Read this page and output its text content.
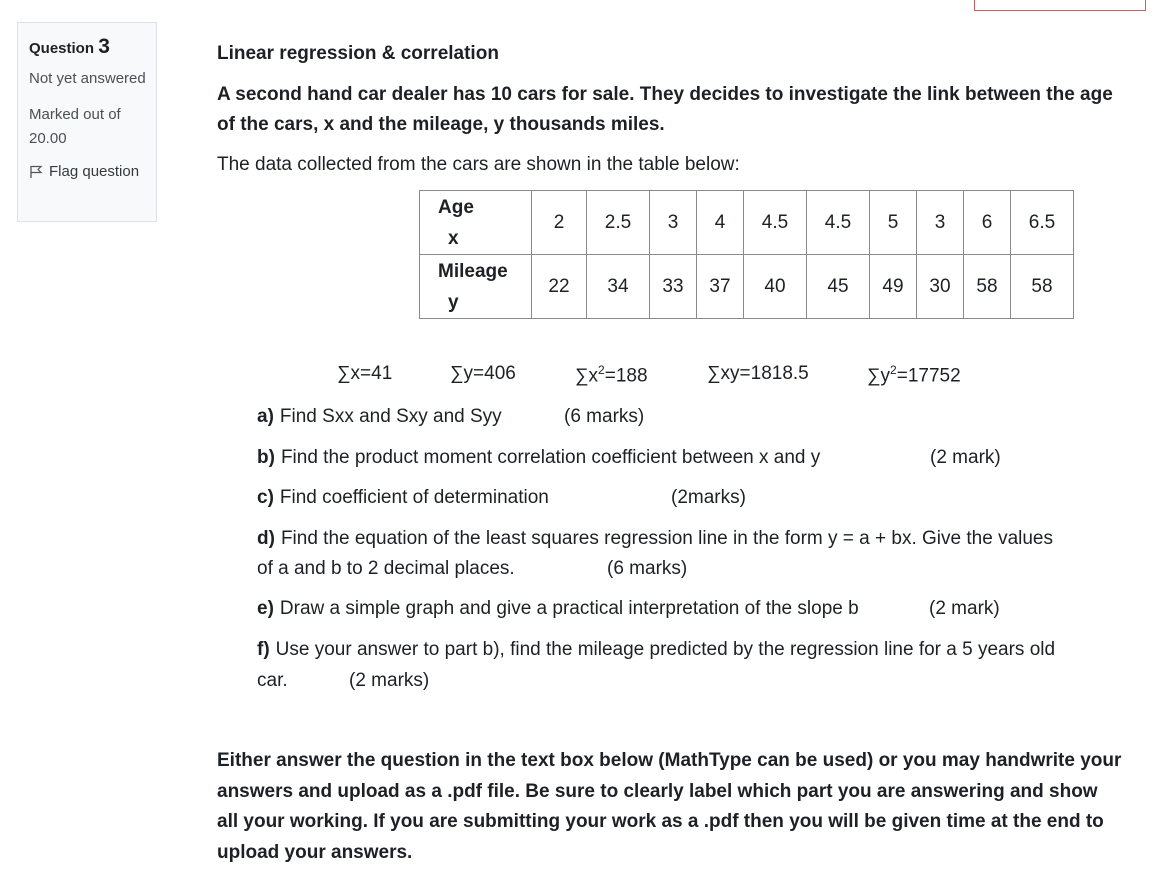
Question 3
Not yet answered
Marked out of 20.00
Flag question

Linear regression & correlation

A second hand car dealer has 10 cars for sale. They decides to investigate the link between the age of the cars, x and the mileage, y thousands miles.

The data collected from the cars are shown in the table below:

Age
x	2	2.5	3	4	4.5	4.5	5	3	6	6.5
Mileage
y	22	34	33	37	40	45	49	30	58	58
∑x=41	∑y=406	$\sum x^2=188$	∑xy=1818.5	$\sum y^2=17752$
a) Find Sxx and Sxy and Syy	(6 marks)
b) Find the product moment correlation coefficient between x and y	(2 mark)
c) Find coefficient of determination	(2marks)
d) Find the equation of the least squares regression line in the form y = a + bx. Give the values
of a and b to 2 decimal places.	(6 marks)
e) Draw a simple graph and give a practical interpretation of the slope b	(2 mark)
f) Use your answer to part b), find the mileage predicted by the regression line for a 5 years old
car.	(2 marks)
Either answer the question in the text box below (MathType can be used) or you may handwrite your answers and upload as a .pdf file. Be sure to clearly label which part you are answering and show all your working. If you are submitting your work as a .pdf then you will be given time at the end to upload your answers.
